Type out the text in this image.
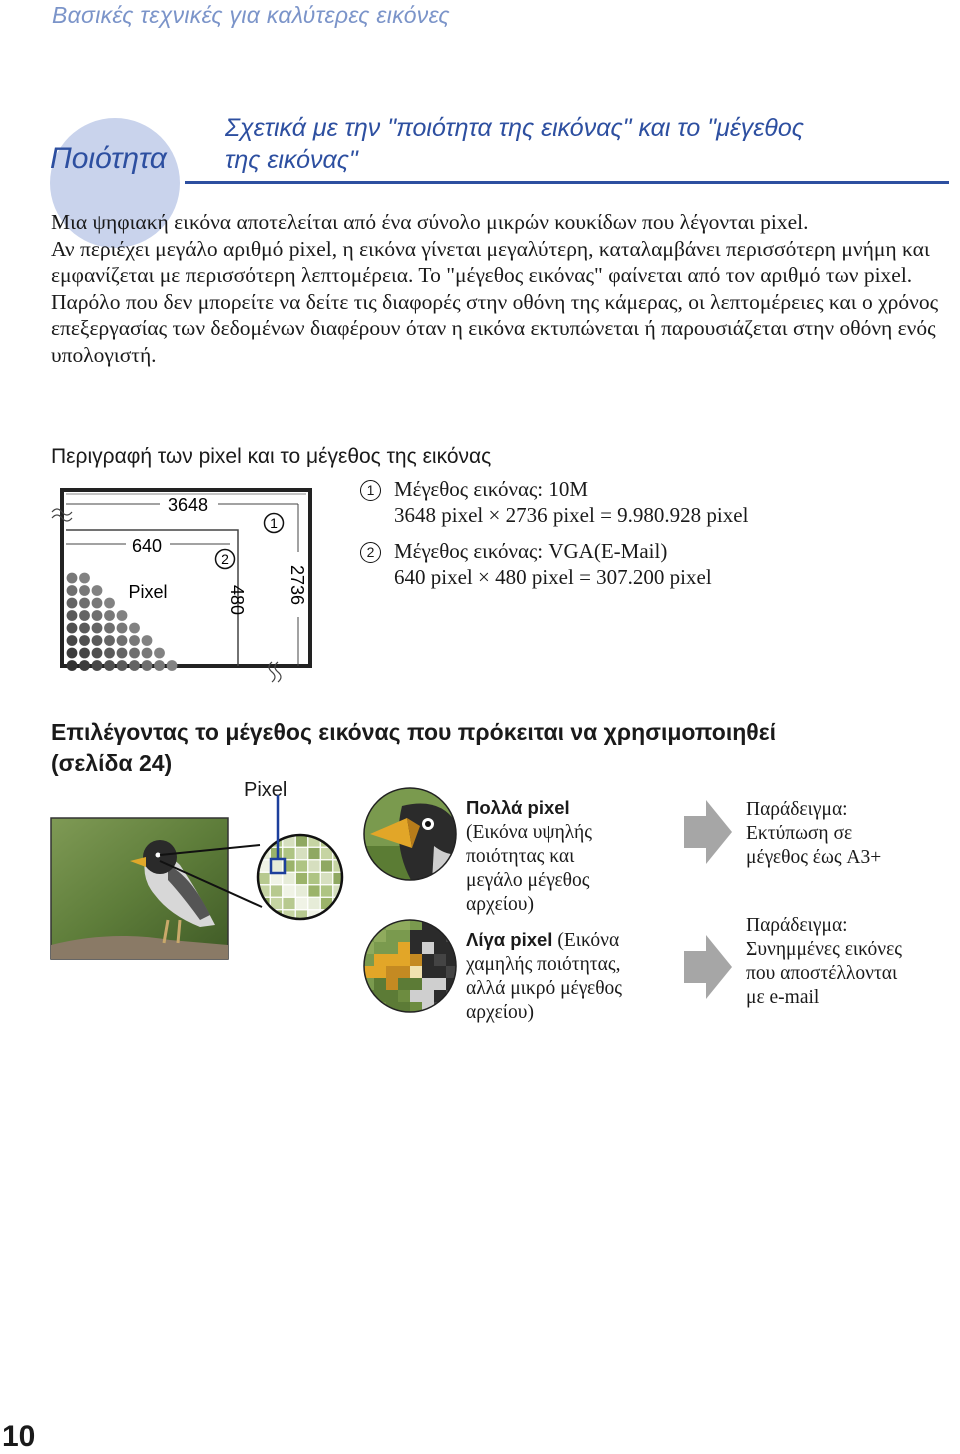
Βασικές τεχνικές για καλύτερες εικόνες
Ποιότητα
Σχετικά με την "ποιότητα της εικόνας" και το "μέγεθος
της εικόνας"

Μια ψηφιακή εικόνα αποτελείται από ένα σύνολο μικρών κουκίδων που λέγονται pixel.

Αν περιέχει μεγάλο αριθμό pixel, η εικόνα γίνεται μεγαλύτερη, καταλαμβάνει περισσότερη μνήμη και εμφανίζεται με περισσότερη λεπτομέρεια. Το "μέγεθος εικόνας" φαίνεται από τον αριθμό των pixel. Παρόλο που δεν μπορείτε να δείτε τις διαφορές στην οθόνη της κάμερας, οι λεπτομέρειες και ο χρόνος επεξεργασίας των δεδομένων διαφέρουν όταν η εικόνα εκτυπώνεται ή παρουσιάζεται στην οθόνη ενός υπολογιστή.

Περιγραφή των pixel και το μέγεθος της εικόνας
3648
640
Pixel	480 2736
1
2
1 Μέγεθος εικόνας: 10M
3648 pixel × 2736 pixel = 9.980.928 pixel
2 Μέγεθος εικόνας: VGA(E-Mail)
640 pixel × 480 pixel = 307.200 pixel
Επιλέγοντας το μέγεθος εικόνας που πρόκειται να χρησιμοποιηθεί
(σελίδα 24)
Pixel
Πολλά pixel
(Εικόνα υψηλής
ποιότητας και
μεγάλο μέγεθος
αρχείου)
Λίγα pixel (Εικόνα
χαμηλής ποιότητας,
αλλά μικρό μέγεθος
αρχείου)
Παράδειγμα:
Εκτύπωση σε
μέγεθος έως A3+
Παράδειγμα:
Συνημμένες εικόνες
που αποστέλλονται
με e-mail
10
